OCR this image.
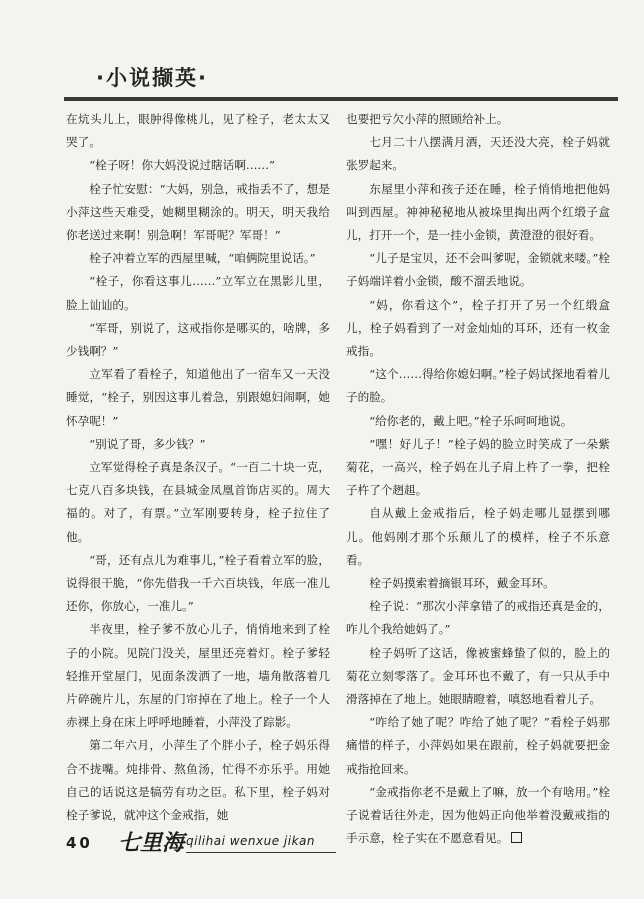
·小说撷英·

在炕头儿上，眼肿得像桃儿，见了栓子，老太太又哭了。

“栓子呀！你大妈没说过瞎话啊……”

栓子忙安慰：“大妈，别急，戒指丢不了，想是小萍这些天难受，她糊里糊涂的。明天，明天我给你老送过来啊！别急啊！军哥呢？军哥！”

栓子冲着立军的西屋里喊，“咱俩院里说话。”

“栓子，你看这事儿……”立军立在黑影儿里，脸上讪讪的。

“军哥，别说了，这戒指你是哪买的，啥牌，多少钱啊？”

立军看了看栓子，知道他出了一宿车又一天没睡觉，“栓子，别因这事儿着急，别跟媳妇闹啊，她怀孕呢！”

“别说了哥，多少钱？”

立军觉得栓子真是条汉子。“一百二十块一克，七克八百多块钱，在县城金凤凰首饰店买的。周大福的。对了，有票。”立军刚要转身，栓子拉住了他。

“哥，还有点儿为难事儿，”栓子看着立军的脸，说得很干脆，“你先借我一千六百块钱，年底一准儿还你，你放心，一准儿。”

半夜里，栓子爹不放心儿子，悄悄地来到了栓子的小院。见院门没关，屋里还亮着灯。栓子爹轻轻推开堂屋门，见面条泼洒了一地，墙角散落着几片碎碗片儿，东屋的门帘掉在了地上。栓子一个人赤裸上身在床上呼呼地睡着，小萍没了踪影。

第二年六月，小萍生了个胖小子，栓子妈乐得合不拢嘴。炖排骨、熬鱼汤，忙得不亦乐乎。用她自己的话说这是犒劳有功之臣。私下里，栓子妈对栓子爹说，就冲这个金戒指，她

也要把亏欠小萍的照顾给补上。

七月二十八摆满月酒，天还没大亮，栓子妈就张罗起来。

东屋里小萍和孩子还在睡，栓子悄悄地把他妈叫到西屋。神神秘秘地从被垛里掏出两个红缎子盒儿，打开一个，是一挂小金锁，黄澄澄的很好看。

“儿子是宝贝，还不会叫爹呢，金锁就来喽。”栓子妈端详着小金锁，酸不溜丢地说。

“妈，你看这个”，栓子打开了另一个红缎盒儿，栓子妈看到了一对金灿灿的耳环，还有一枚金戒指。

“这个……得给你媳妇啊。”栓子妈试探地看着儿子的脸。

“给你老的，戴上吧。”栓子乐呵呵地说。

“嘿！好儿子！”栓子妈的脸立时笑成了一朵紫菊花，一高兴，栓子妈在儿子肩上杵了一拳，把栓子杵了个趔趄。

自从戴上金戒指后，栓子妈走哪儿显摆到哪儿。他妈刚才那个乐颠儿了的模样，栓子不乐意看。

栓子妈摸索着摘银耳环，戴金耳环。

栓子说：“那次小萍拿错了的戒指还真是金的，咋儿个我给她妈了。”

栓子妈听了这话，像被蜜蜂蛰了似的，脸上的菊花立刻零落了。金耳环也不戴了，有一只从手中滑落掉在了地上。她眼睛瞪着，嗔怒地看着儿子。

“咋给了她了呢？咋给了她了呢？”看栓子妈那痛惜的样子，小萍妈如果在跟前，栓子妈就要把金戒指抢回来。

“金戒指你老不是戴上了嘛，放一个有啥用。”栓子说着话往外走，因为他妈正向他举着没戴戒指的手示意，栓子实在不愿意看见。

40 七里海 qilihai wenxue jikan
